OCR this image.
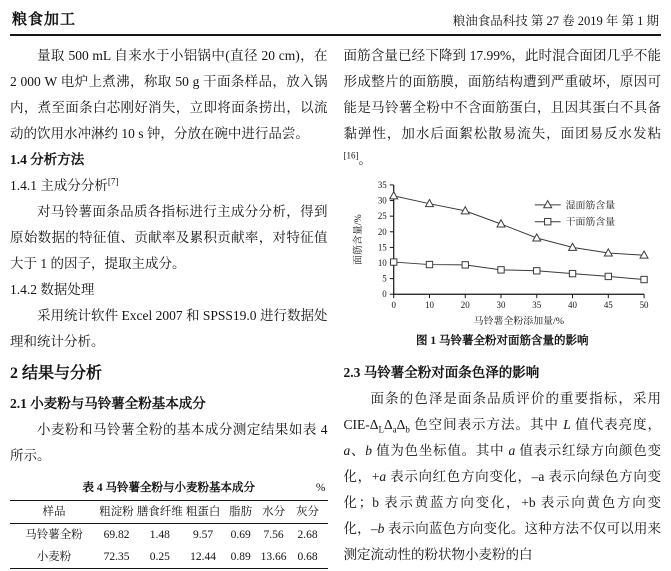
粮食加工	粮油食品科技 第 27 卷 2019 年 第 1 期

量取 500 mL 自来水于小铝锅中(直径 20 cm)，在 2 000 W 电炉上煮沸，称取 50 g 干面条样品，放入锅内，煮至面条白芯刚好消失，立即将面条捞出，以流动的饮用水冲淋约 10 s 钟，分放在碗中进行品尝。

1.4 分析方法

1.4.1 主成分分析[7]

对马铃薯面条品质各指标进行主成分分析，得到原始数据的特征值、贡献率及累积贡献率，对特征值大于 1 的因子，提取主成分。

1.4.2 数据处理

采用统计软件 Excel 2007 和 SPSS19.0 进行数据处理和统计分析。

2 结果与分析

2.1 小麦粉与马铃薯全粉基本成分

小麦粉和马铃薯全粉的基本成分测定结果如表 4 所示。

表 4 马铃薯全粉与小麦粉基本成分	%
样品	粗淀粉	膳食纤维	粗蛋白	脂肪	水分	灰分
马铃薯全粉	69.82	1.48	9.57	0.69	7.56	2.68
小麦粉	72.35	0.25	12.44	0.89	13.66	0.68

面筋含量已经下降到 17.99%，此时混合面团几乎不能形成整片的面筋膜，面筋结构遭到严重破坏，原因可能是马铃薯全粉中不含面筋蛋白，且因其蛋白不具备黏弹性，加水后面絮松散易流失，面团易反水发粘[16]。

0
5
10
15
20
25
30
35
0	10	20	30	35	40	45	50
面筋含量/%
马铃薯全粉添加量/%
湿面筋含量
干面筋含量
图 1 马铃薯全粉对面筋含量的影响

2.3 马铃薯全粉对面条色泽的影响

面条的色泽是面条品质评价的重要指标，采用 CIE-$\Delta_L\Delta_a\Delta_b$ 色空间表示方法。其中 L 值代表亮度，a、b 值为色坐标值。其中 a 值表示红绿方向颜色变化，+a 表示向红色方向变化，–a 表示向绿色方向变化；b 表示黄蓝方向变化，+b 表示向黄色方向变化，–b 表示向蓝色方向变化。这种方法不仅可以用来测定流动性的粉状物小麦粉的白
